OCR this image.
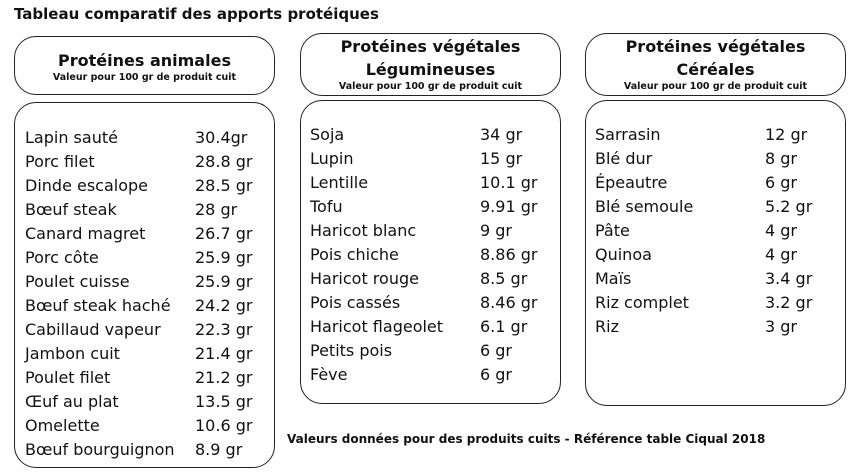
Tableau comparatif des apports protéiques
Protéines animales
Valeur pour 100 gr de produit cuit
Lapin sauté	30.4gr
Porc filet	28.8 gr
Dinde escalope	28.5 gr
Bœuf steak	28 gr
Canard magret	26.7 gr
Porc côte	25.9 gr
Poulet cuisse	25.9 gr
Bœuf steak haché 24.2 gr
Cabillaud vapeur 22.3 gr
Jambon cuit	21.4 gr
Poulet filet	21.2 gr
Œuf au plat	13.5 gr
Omelette	10.6 gr
Bœuf bourguignon 8.9 gr
Protéines végétales
Légumineuses
Valeur pour 100 gr de produit cuit
Soja	34 gr
Lupin	15 gr
Lentille	10.1 gr
Tofu	9.91 gr
Haricot blanc	9 gr
Pois chiche	8.86 gr
Haricot rouge	8.5 gr
Pois cassés	8.46 gr
Haricot flageolet 6.1 gr
Petits pois	6 gr
Fève	6 gr
Protéines végétales
Céréales
Valeur pour 100 gr de produit cuit
Sarrasin	12 gr
Blé dur	8 gr
Épeautre	6 gr
Blé semoule	5.2 gr
Pâte	4 gr
Quinoa	4 gr
Maïs	3.4 gr
Riz complet	3.2 gr
Riz	3 gr
Valeurs données pour des produits cuits - Référence table Ciqual 2018
